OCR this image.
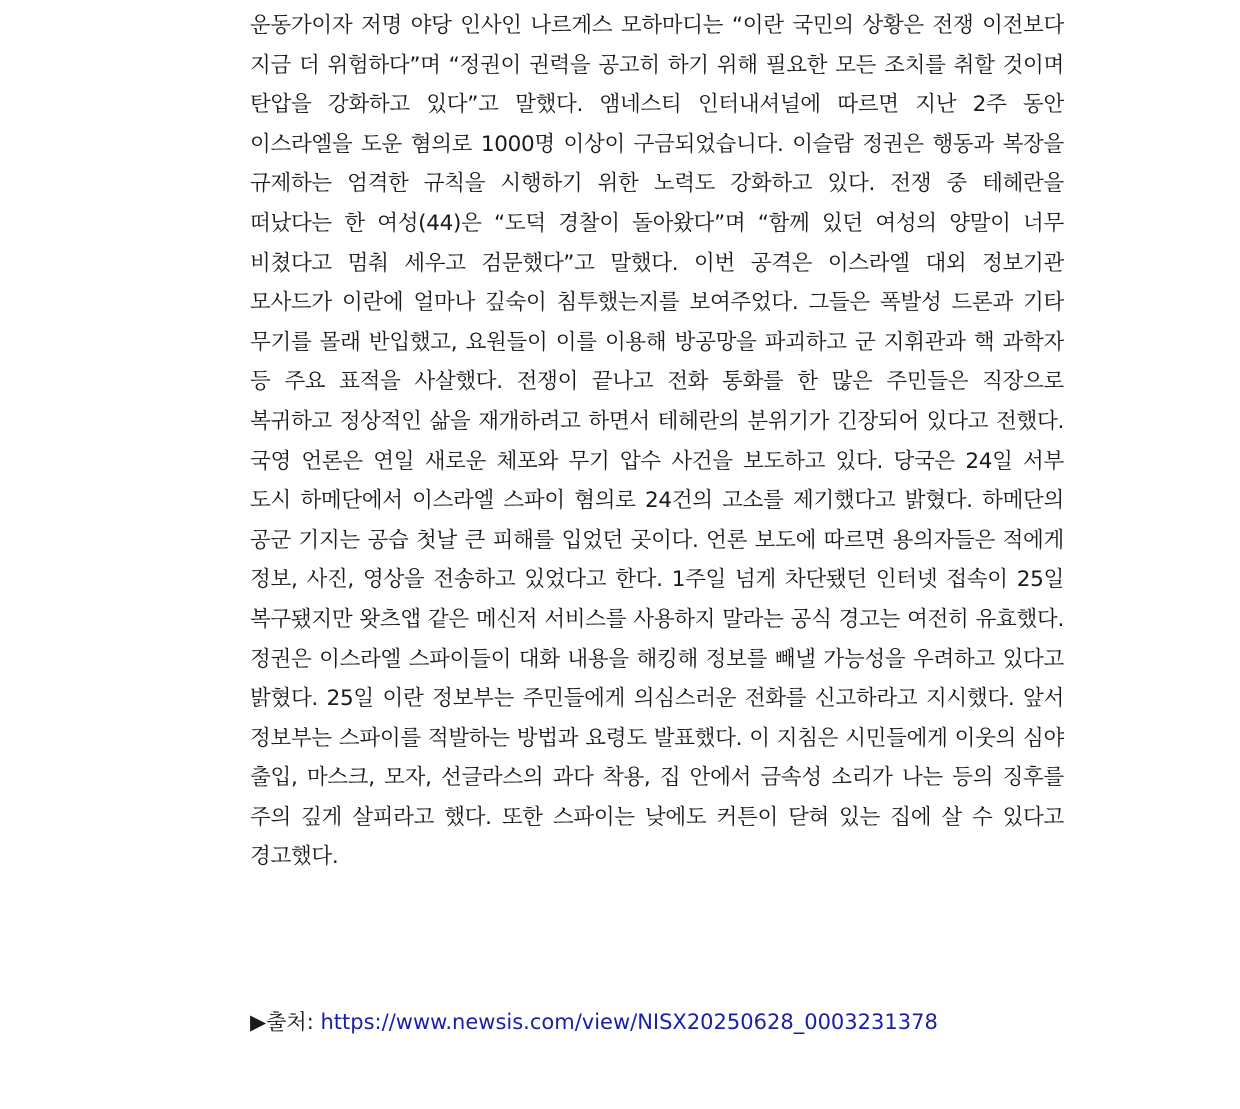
운동가이자 저명 야당 인사인 나르게스 모하마디는 “이란 국민의 상황은 전쟁 이전보다 지금 더 위험하다”며 “정권이 권력을 공고히 하기 위해 필요한 모든 조치를 취할 것이며 탄압을 강화하고 있다”고 말했다. 앰네스티 인터내셔널에 따르면 지난 2주 동안 이스라엘을 도운 혐의로 1000명 이상이 구금되었습니다. 이슬람 정권은 행동과 복장을 규제하는 엄격한 규칙을 시행하기 위한 노력도 강화하고 있다. 전쟁 중 테헤란을 떠났다는 한 여성(44)은 “도덕 경찰이 돌아왔다”며 “함께 있던 여성의 양말이 너무 비쳤다고 멈춰 세우고 검문했다”고 말했다. 이번 공격은 이스라엘 대외 정보기관 모사드가 이란에 얼마나 깊숙이 침투했는지를 보여주었다. 그들은 폭발성 드론과 기타 무기를 몰래 반입했고, 요원들이 이를 이용해 방공망을 파괴하고 군 지휘관과 핵 과학자 등 주요 표적을 사살했다. 전쟁이 끝나고 전화 통화를 한 많은 주민들은 직장으로 복귀하고 정상적인 삶을 재개하려고 하면서 테헤란의 분위기가 긴장되어 있다고 전했다. 국영 언론은 연일 새로운 체포와 무기 압수 사건을 보도하고 있다. 당국은 24일 서부 도시 하메단에서 이스라엘 스파이 혐의로 24건의 고소를 제기했다고 밝혔다. 하메단의 공군 기지는 공습 첫날 큰 피해를 입었던 곳이다. 언론 보도에 따르면 용의자들은 적에게 정보, 사진, 영상을 전송하고 있었다고 한다. 1주일 넘게 차단됐던 인터넷 접속이 25일 복구됐지만 왓츠앱 같은 메신저 서비스를 사용하지 말라는 공식 경고는 여전히 유효했다. 정권은 이스라엘 스파이들이 대화 내용을 해킹해 정보를 빼낼 가능성을 우려하고 있다고 밝혔다. 25일 이란 정보부는 주민들에게 의심스러운 전화를 신고하라고 지시했다. 앞서 정보부는 스파이를 적발하는 방법과 요령도 발표했다. 이 지침은 시민들에게 이웃의 심야 출입, 마스크, 모자, 선글라스의 과다 착용, 집 안에서 금속성 소리가 나는 등의 징후를 주의 깊게 살피라고 했다. 또한 스파이는 낮에도 커튼이 닫혀 있는 집에 살 수 있다고 경고했다.

▶출처: https://www.newsis.com/view/NISX20250628_0003231378
